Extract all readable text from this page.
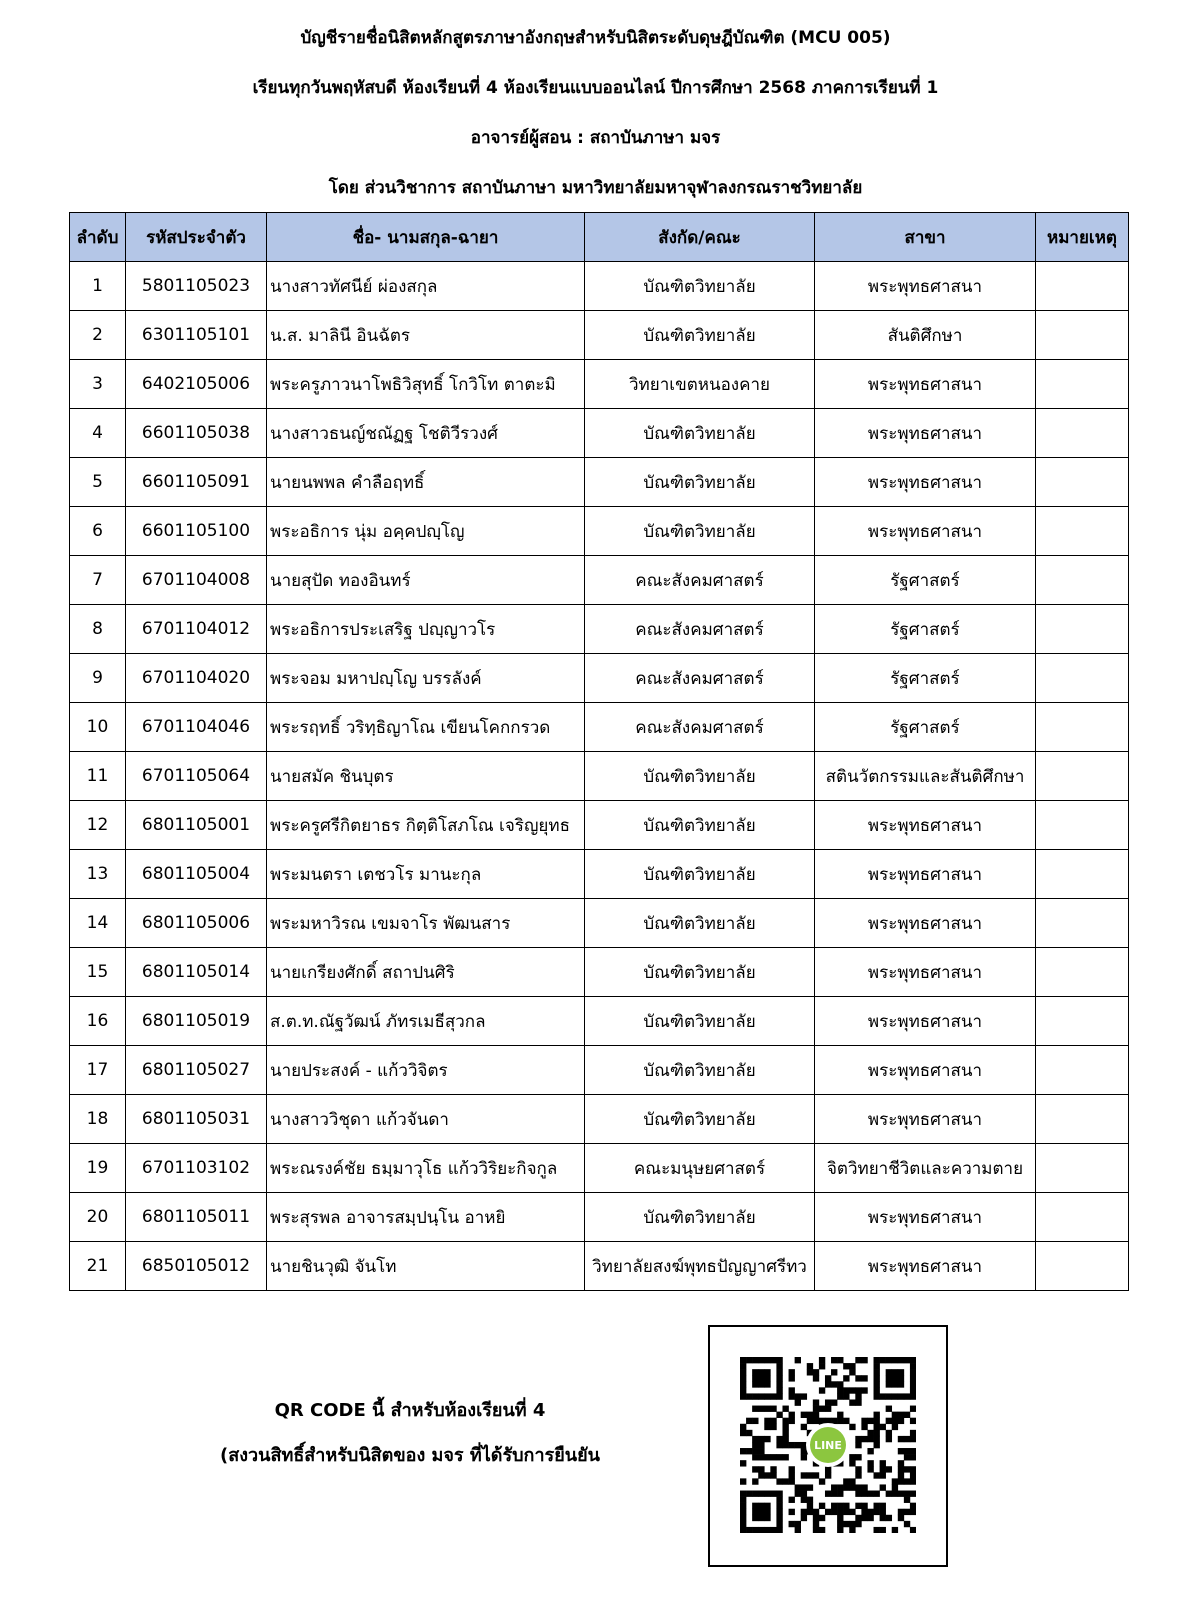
บัญชีรายชื่อนิสิตหลักสูตรภาษาอังกฤษสำหรับนิสิตระดับดุษฎีบัณฑิต (MCU 005)
เรียนทุกวันพฤหัสบดี ห้องเรียนที่ 4 ห้องเรียนแบบออนไลน์ ปีการศึกษา 2568 ภาคการเรียนที่ 1
อาจารย์ผู้สอน : สถาบันภาษา มจร
โดย ส่วนวิชาการ สถาบันภาษา มหาวิทยาลัยมหาจุฬาลงกรณราชวิทยาลัย
ลำดับ	รหัสประจำตัว	ชื่อ- นามสกุล-ฉายา	สังกัด/คณะ	สาขา	หมายเหตุ
1	5801105023	นางสาวทัศนีย์ ผ่องสกุล	บัณฑิตวิทยาลัย	พระพุทธศาสนา	
2	6301105101	น.ส. มาลินี อินฉัตร	บัณฑิตวิทยาลัย	สันติศึกษา	
3	6402105006	พระครูภาวนาโพธิวิสุทธิ์ โกวิโท ตาตะมิ	วิทยาเขตหนองคาย	พระพุทธศาสนา	
4	6601105038	นางสาวธนญ์ชณัฏฐ โชติวีรวงศ์	บัณฑิตวิทยาลัย	พระพุทธศาสนา	
5	6601105091	นายนพพล คำลือฤทธิ์	บัณฑิตวิทยาลัย	พระพุทธศาสนา	
6	6601105100	พระอธิการ นุ่ม อคฺคปญฺโญ	บัณฑิตวิทยาลัย	พระพุทธศาสนา	
7	6701104008	นายสุปัด ทองอินทร์	คณะสังคมศาสตร์	รัฐศาสตร์	
8	6701104012	พระอธิการประเสริฐ ปญฺญาวโร	คณะสังคมศาสตร์	รัฐศาสตร์	
9	6701104020	พระจอม มหาปญฺโญ บรรลังค์	คณะสังคมศาสตร์	รัฐศาสตร์	
10	6701104046	พระรฤทธิ์ วริทฺธิญาโณ เขียนโคกกรวด	คณะสังคมศาสตร์	รัฐศาสตร์	
11	6701105064	นายสมัค ชินบุตร	บัณฑิตวิทยาลัย	สตินวัตกรรมและสันติศึกษา	
12	6801105001	พระครูศรีกิตยาธร กิตฺติโสภโณ เจริญยุทธ	บัณฑิตวิทยาลัย	พระพุทธศาสนา	
13	6801105004	พระมนตรา เตชวโร มานะกุล	บัณฑิตวิทยาลัย	พระพุทธศาสนา	
14	6801105006	พระมหาวิรณ เขมจาโร พัฒนสาร	บัณฑิตวิทยาลัย	พระพุทธศาสนา	
15	6801105014	นายเกรียงศักดิ์ สถาปนศิริ	บัณฑิตวิทยาลัย	พระพุทธศาสนา	
16	6801105019	ส.ต.ท.ณัฐวัฒน์ ภัทรเมธีสุวกล	บัณฑิตวิทยาลัย	พระพุทธศาสนา	
17	6801105027	นายประสงค์ - แก้ววิจิตร	บัณฑิตวิทยาลัย	พระพุทธศาสนา	
18	6801105031	นางสาววิชุดา แก้วจันดา	บัณฑิตวิทยาลัย	พระพุทธศาสนา	
19	6701103102	พระณรงค์ชัย ธมฺมาวุโธ แก้ววิริยะกิจกูล	คณะมนุษยศาสตร์	จิตวิทยาชีวิตและความตาย	
20	6801105011	พระสุรพล อาจารสมฺปนฺโน อาหยิ	บัณฑิตวิทยาลัย	พระพุทธศาสนา	
21	6850105012	นายชินวุฒิ จันโท	วิทยาลัยสงฆ์พุทธปัญญาศรีทว	พระพุทธศาสนา	
QR CODE นี้ สำหรับห้องเรียนที่ 4
(สงวนสิทธิ์สำหรับนิสิตของ มจร ที่ได้รับการยืนยัน	LINE
